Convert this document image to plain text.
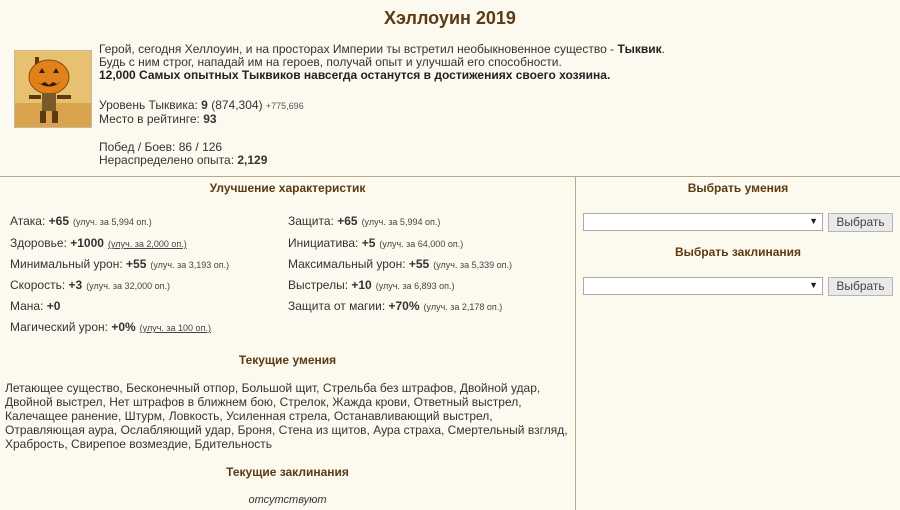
Хэллоуин 2019
Герой, сегодня Хеллоуин, и на просторах Империи ты встретил необыкновенное существо - Тыквик.
Будь с ним строг, нападай им на героев, получай опыт и улучшай его способности.
12,000 Самых опытных Тыквиков навсегда останутся в достижениях своего хозяина.
Уровень Тыквика: 9 (874,304) +775,696
Место в рейтинге: 93
Побед / Боев: 86 / 126
Нераспределено опыта: 2,129
Улучшение характеристик
Атака: +65 (улуч. за 5,994 оп.)
Здоровье: +1000 (улуч. за 2,000 оп.)
Минимальный урон: +55 (улуч. за 3,193 оп.)
Скорость: +3 (улуч. за 32,000 оп.)
Мана: +0
Магический урон: +0% (улуч. за 100 оп.)
Защита: +65 (улуч. за 5,994 оп.)
Инициатива: +5 (улуч. за 64,000 оп.)
Максимальный урон: +55 (улуч. за 5,339 оп.)
Выстрелы: +10 (улуч. за 6,893 оп.)
Защита от магии: +70% (улуч. за 2,178 оп.)
Текущие умения
Летающее существо, Бесконечный отпор, Большой щит, Стрельба без штрафов, Двойной удар, Двойной выстрел, Нет штрафов в ближнем бою, Стрелок, Жажда крови, Ответный выстрел, Калечащее ранение, Штурм, Ловкость, Усиленная стрела, Останавливающий выстрел, Отравляющая аура, Ослабляющий удар, Броня, Стена из щитов, Аура страха, Смертельный взгляд, Храбрость, Свирепое возмездие, Бдительность
Текущие заклинания
отсутствуют
Выбрать умения
▼	Выбрать
Выбрать заклинания
▼	Выбрать
